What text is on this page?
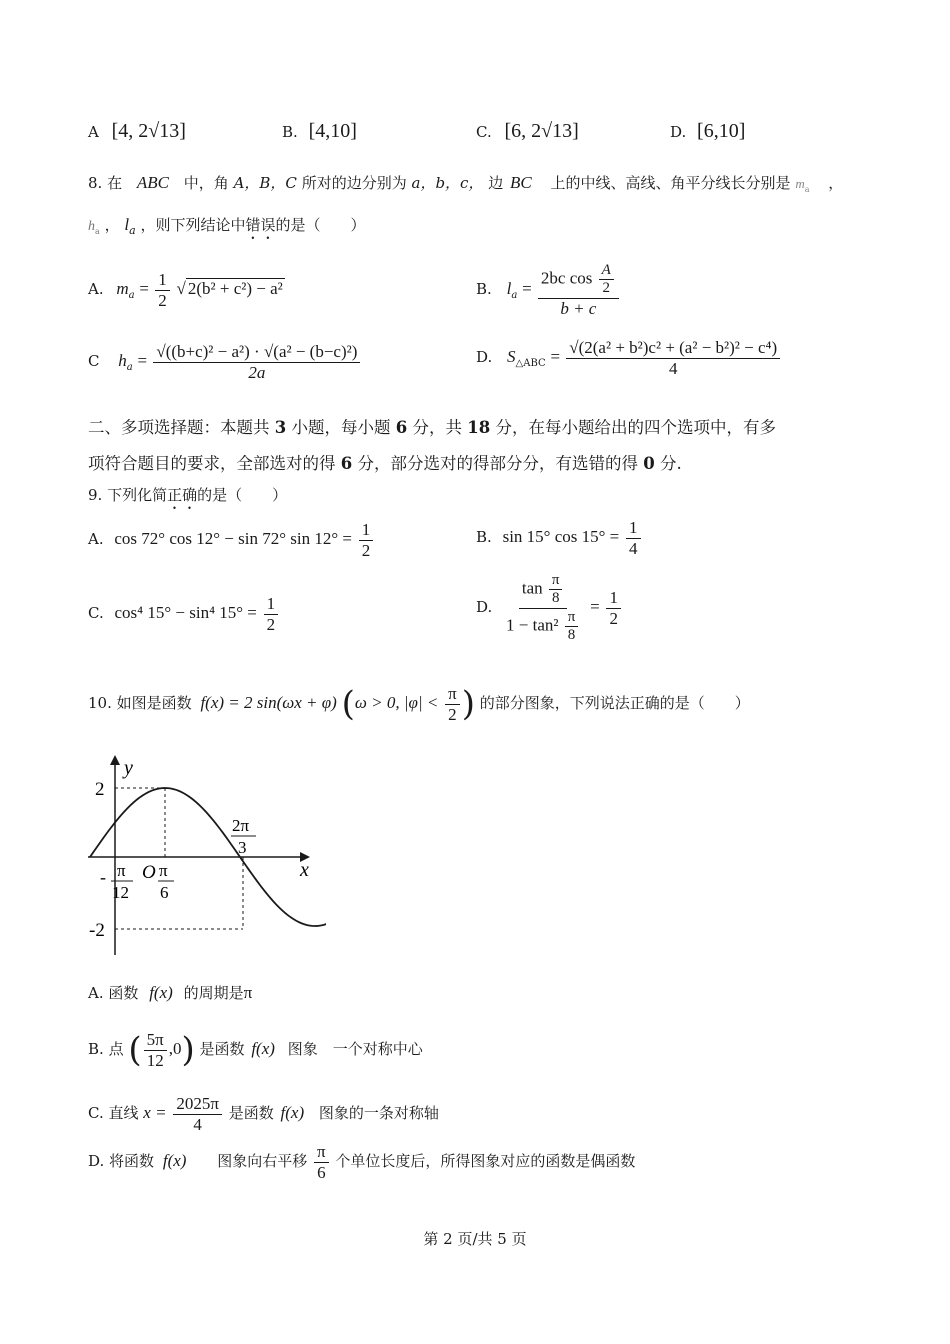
A [4, 2√13]	B. [4,10]	C. [6, 2√13]	D. [6,10]
8. 在 ABC 中，角 A，B，C 所对的边分别为 a，b，c， 边 BC 上的中线、高线、角平分线长分别是 $m_a$ ，
$h_a$ ， $l_a$ ，则下列结论中错误的是（　　）
A. $m_a = \frac{1}{2}$ √ 2(b² + c²) − a²	B. $l_a = \frac{2bc \cos \frac{A}{2}}{b + c}$
C $h_a = \frac{\text{√((b+c)² − a²) · √(a² − (b−c)²)}}{2a}$	D. $S_{\triangle ABC} = \frac{\text{√(2(a² + b²)c² + (a² − b²)² − c⁴)}}{4}$
二、多项选择题：本题共 3 小题，每小题 6 分，共 18 分，在每小题给出的四个选项中，有多
项符合题目的要求，全部选对的得 6 分，部分选对的得部分分，有选错的得 0 分.
9. 下列化简正确的是（　　）
A. cos 72° cos 12° − sin 72° $\sin 12^\circ = \frac{1}{2}$	B. sin 15° $\cos 15^\circ = \frac{1}{4}$
C. cos⁴ 15° − sin⁴ $15^\circ = \frac{1}{2}$	D. $\frac{\tan \frac{\pi}{8}}{1 - \tan^2 \frac{\pi}{8}} = \frac{1}{2}$
10. 如图是函数 f(x) = 2 sin(ωx + φ) (ω > 0, $|\varphi| < \frac{\pi}{2}$ ) 的部分图象，下列说法正确的是（　　）
y
x
2
-2
O
- π
12
π
6
2π
3
A. 函数 f(x) 的周期是π
B. 点 ( $\frac{5\pi}{12} ,0$) 是函数 f(x) 图象　一个对称中心
C. 直线 $x = \frac{2025\pi}{4}$ 是函数 f(x) 图象的一条对称轴
D. 将函数 f(x) 图象向右平移 $\frac{\pi}{6}$ 个单位长度后，所得图象对应的函数是偶函数
第 2 页/共 5 页
